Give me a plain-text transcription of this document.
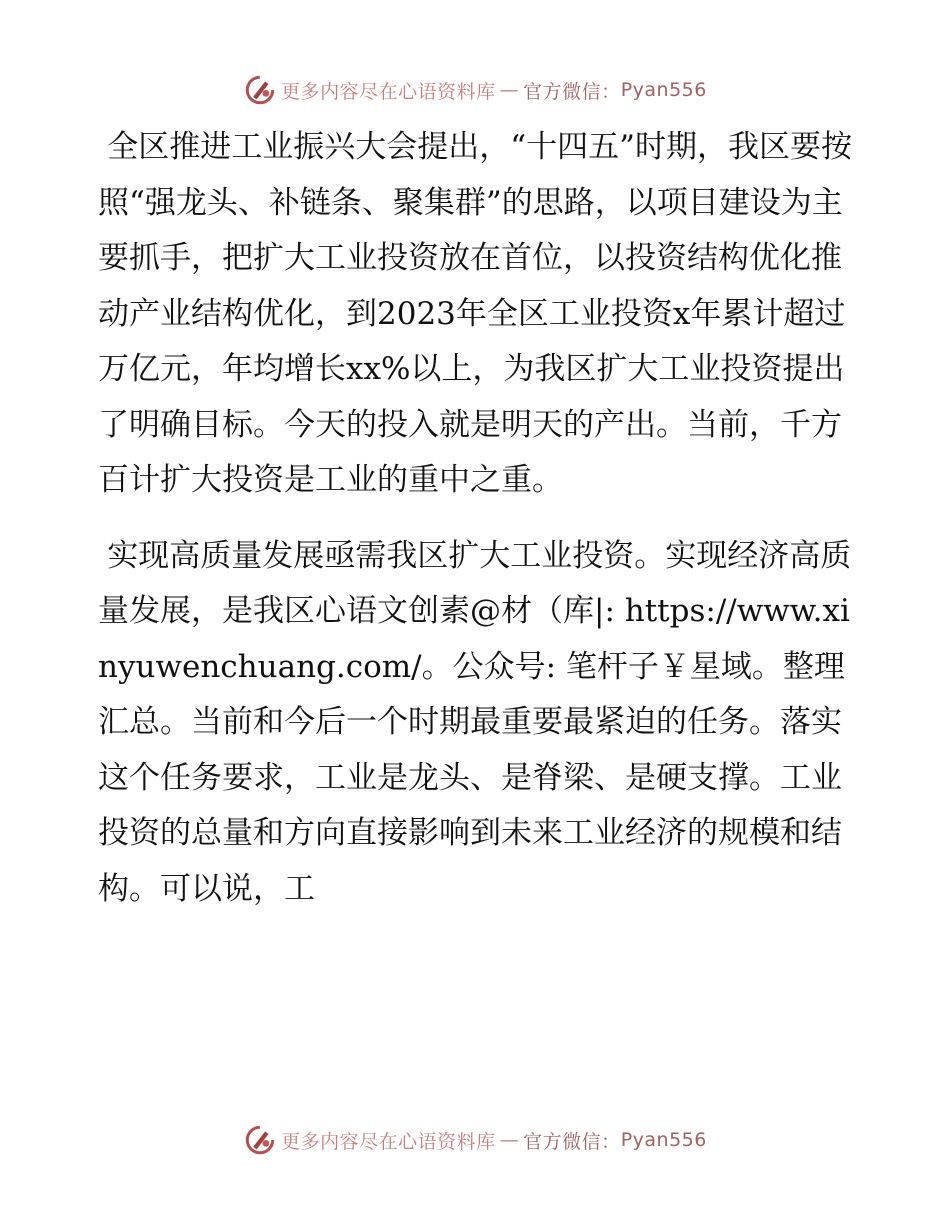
更多内容尽在心语资料库 — 官方微信： Pyan556

全区推进工业振兴大会提出，“十四五”时期，我区要按照“强龙头、补链条、聚集群”的思路，以项目建设为主要抓手，把扩大工业投资放在首位，以投资结构优化推动产业结构优化，到2023年全区工业投资x年累计超过万亿元，年均增长xx%以上，为我区扩大工业投资提出了明确目标。今天的投入就是明天的产出。当前，千方百计扩大投资是工业的重中之重。

实现高质量发展亟需我区扩大工业投资。实现经济高质量发展，是我区心语文创素@材（库|: https://www.xinyuwenchuang.com/。公众号: 笔杆子￥星域。整理汇总。当前和今后一个时期最重要最紧迫的任务。落实这个任务要求，工业是龙头、是脊梁、是硬支撑。工业投资的总量和方向直接影响到未来工业经济的规模和结构。可以说，工

更多内容尽在心语资料库 — 官方微信： Pyan556
